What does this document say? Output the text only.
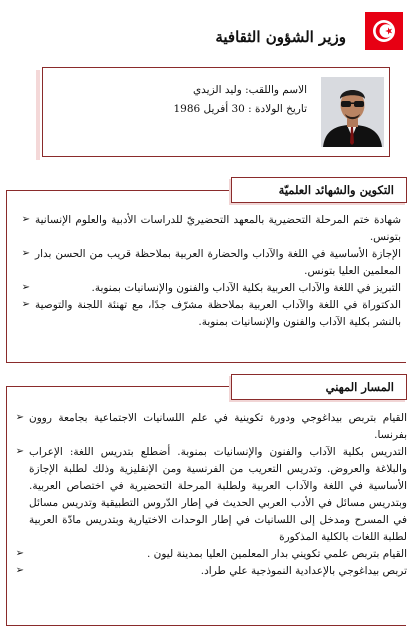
وزير الشؤون الثقافية
الاسم واللقب: وليد الزيدي
تاريخ الولادة : 30 أفريل 1986
التكوين والشهائد العلميّة
➢ شهادة ختم المرحلة التحضيرية بالمعهد التحضيريّ للدراسات الأدبية والعلوم الإنسانية بتونس.
➢ الإجازة الأساسية في اللغة والآداب والحضارة العربية بملاحظة قريب من الحسن بدار المعلمين العليا بتونس.
➢	التبريز في اللغة والآداب العربية بكلية الآداب والفنون والإنسانيات بمنوبة.
➢ الدكتوراة في اللغة والآداب العربية بملاحظة مشرّف جدًا، مع تهنئة اللجنة والتوصية بالنشر بكلية الآداب والفنون والإنسانيات بمنوبة.
المسار المهني
➢ القيام بتربص بيداغوجي ودورة تكوينية في علم اللسانيات الاجتماعية بجامعة روون بفرنسا.
➢ التدريس بكلية الآداب والفنون والإنسانيات بمنوبة. أضطلع بتدريس اللغة: الإعراب والبلاغة والعروض. وتدريس التعريب من الفرنسية ومن الإنقليزية وذلك لطلبة الإجازة الأساسية في اللغة والآداب العربية ولطلبة المرحلة التحضيرية في اختصاص العربية. وبتدريس مسائل في الأدب العربي الحديث في إطار الدّروس التطبيقية وتدريس مسائل في المسرح ومدخل إلى اللسانيات في إطار الوحدات الاختيارية وبتدريس مادّة العربية لطلبة اللغات بالكلية المذكورة
➢	القيام بتربص علمي تكويني بدار المعلمين العليا بمدينة ليون .
➢	تربص بيداغوجي بالإعدادية النموذجية علي طراد.
